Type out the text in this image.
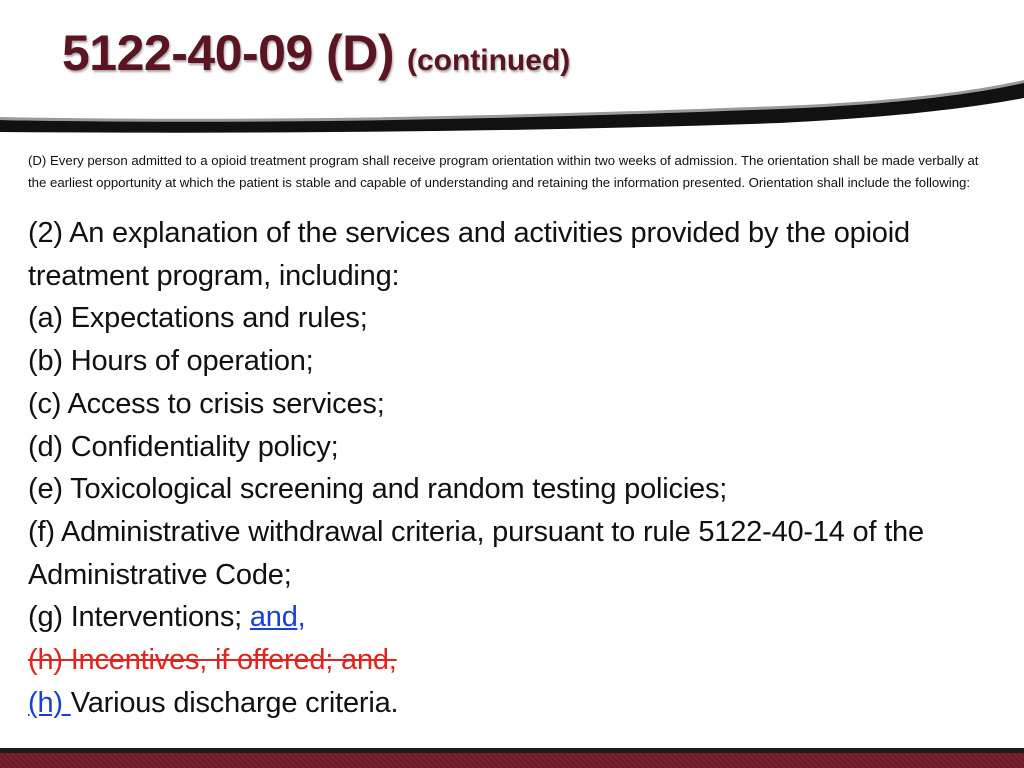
5122-40-09 (D) (continued)

(D) Every person admitted to a opioid treatment program shall receive program orientation within two weeks of admission. The orientation shall be made verbally at the earliest opportunity at which the patient is stable and capable of understanding and retaining the information presented. Orientation shall include the following:

(2) An explanation of the services and activities provided by the opioid treatment program, including:

(a) Expectations and rules;

(b) Hours of operation;

(c) Access to crisis services;

(d) Confidentiality policy;

(e) Toxicological screening and random testing policies;

(f) Administrative withdrawal criteria, pursuant to rule 5122-40-14 of the Administrative Code;

(g) Interventions; and,

(h) Incentives, if offered; and,

(h) Various discharge criteria.
